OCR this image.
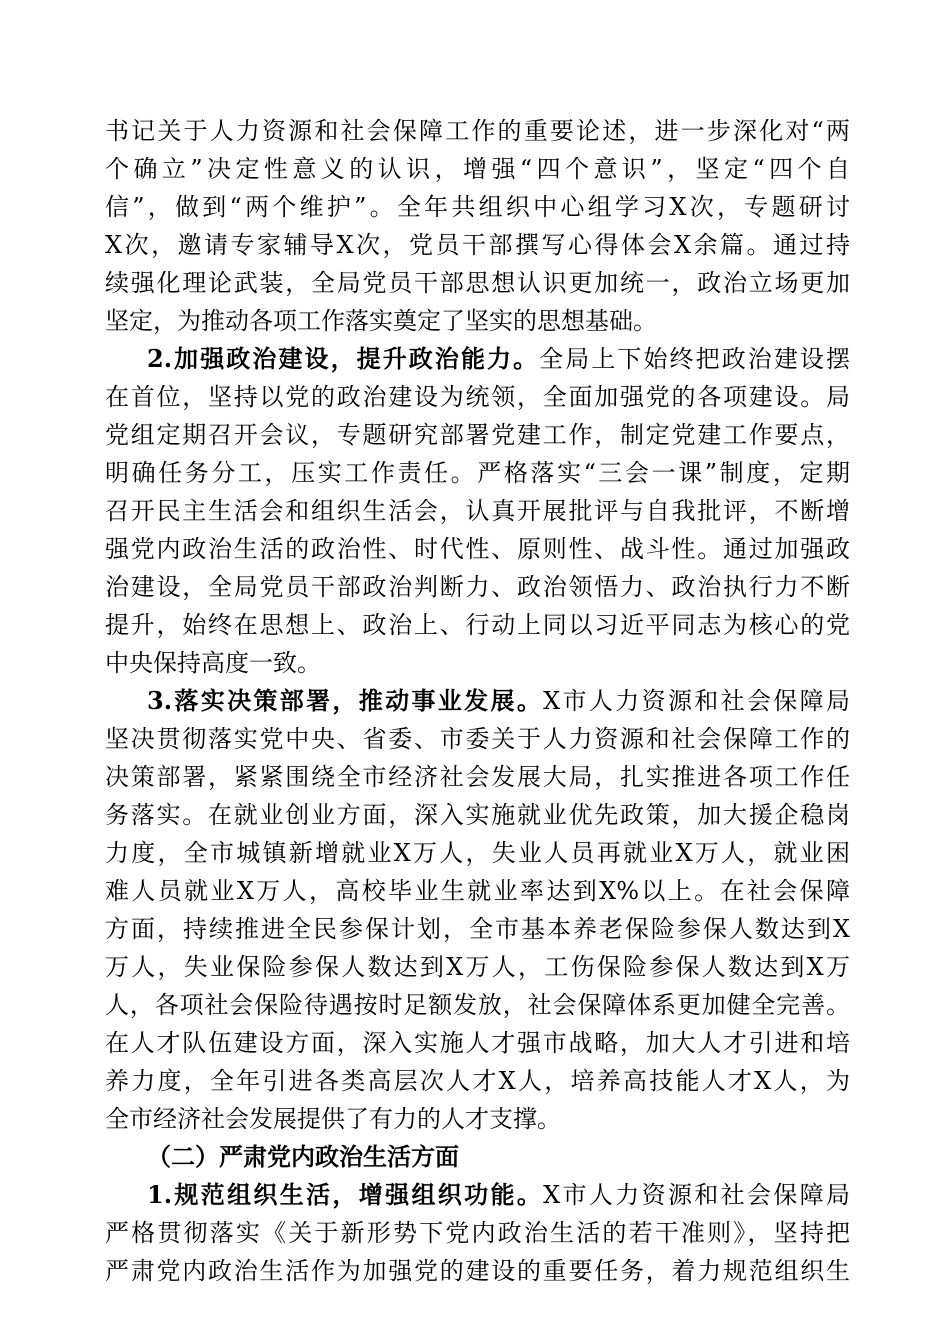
书记关于人力资源和社会保障工作的重要论述，进一步深化对“两
个确立”决定性意义的认识，增强“四个意识”，坚定“四个自
信”，做到“两个维护”。全年共组织中心组学习X次，专题研讨
X次，邀请专家辅导X次，党员干部撰写心得体会X余篇。通过持
续强化理论武装，全局党员干部思想认识更加统一，政治立场更加
坚定，为推动各项工作落实奠定了坚实的思想基础。
2.加强政治建设，提升政治能力。全局上下始终把政治建设摆
在首位，坚持以党的政治建设为统领，全面加强党的各项建设。局
党组定期召开会议，专题研究部署党建工作，制定党建工作要点，
明确任务分工，压实工作责任。严格落实“三会一课”制度，定期
召开民主生活会和组织生活会，认真开展批评与自我批评，不断增
强党内政治生活的政治性、时代性、原则性、战斗性。通过加强政
治建设，全局党员干部政治判断力、政治领悟力、政治执行力不断
提升，始终在思想上、政治上、行动上同以习近平同志为核心的党
中央保持高度一致。
3.落实决策部署，推动事业发展。X市人力资源和社会保障局
坚决贯彻落实党中央、省委、市委关于人力资源和社会保障工作的
决策部署，紧紧围绕全市经济社会发展大局，扎实推进各项工作任
务落实。在就业创业方面，深入实施就业优先政策，加大援企稳岗
力度，全市城镇新增就业X万人，失业人员再就业X万人，就业困
难人员就业X万人，高校毕业生就业率达到X%以上。在社会保障
方面，持续推进全民参保计划，全市基本养老保险参保人数达到X
万人，失业保险参保人数达到X万人，工伤保险参保人数达到X万
人，各项社会保险待遇按时足额发放，社会保障体系更加健全完善。
在人才队伍建设方面，深入实施人才强市战略，加大人才引进和培
养力度，全年引进各类高层次人才X人，培养高技能人才X人，为
全市经济社会发展提供了有力的人才支撑。
（二）严肃党内政治生活方面
1.规范组织生活，增强组织功能。X市人力资源和社会保障局
严格贯彻落实《关于新形势下党内政治生活的若干准则》，坚持把
严肃党内政治生活作为加强党的建设的重要任务，着力规范组织生
